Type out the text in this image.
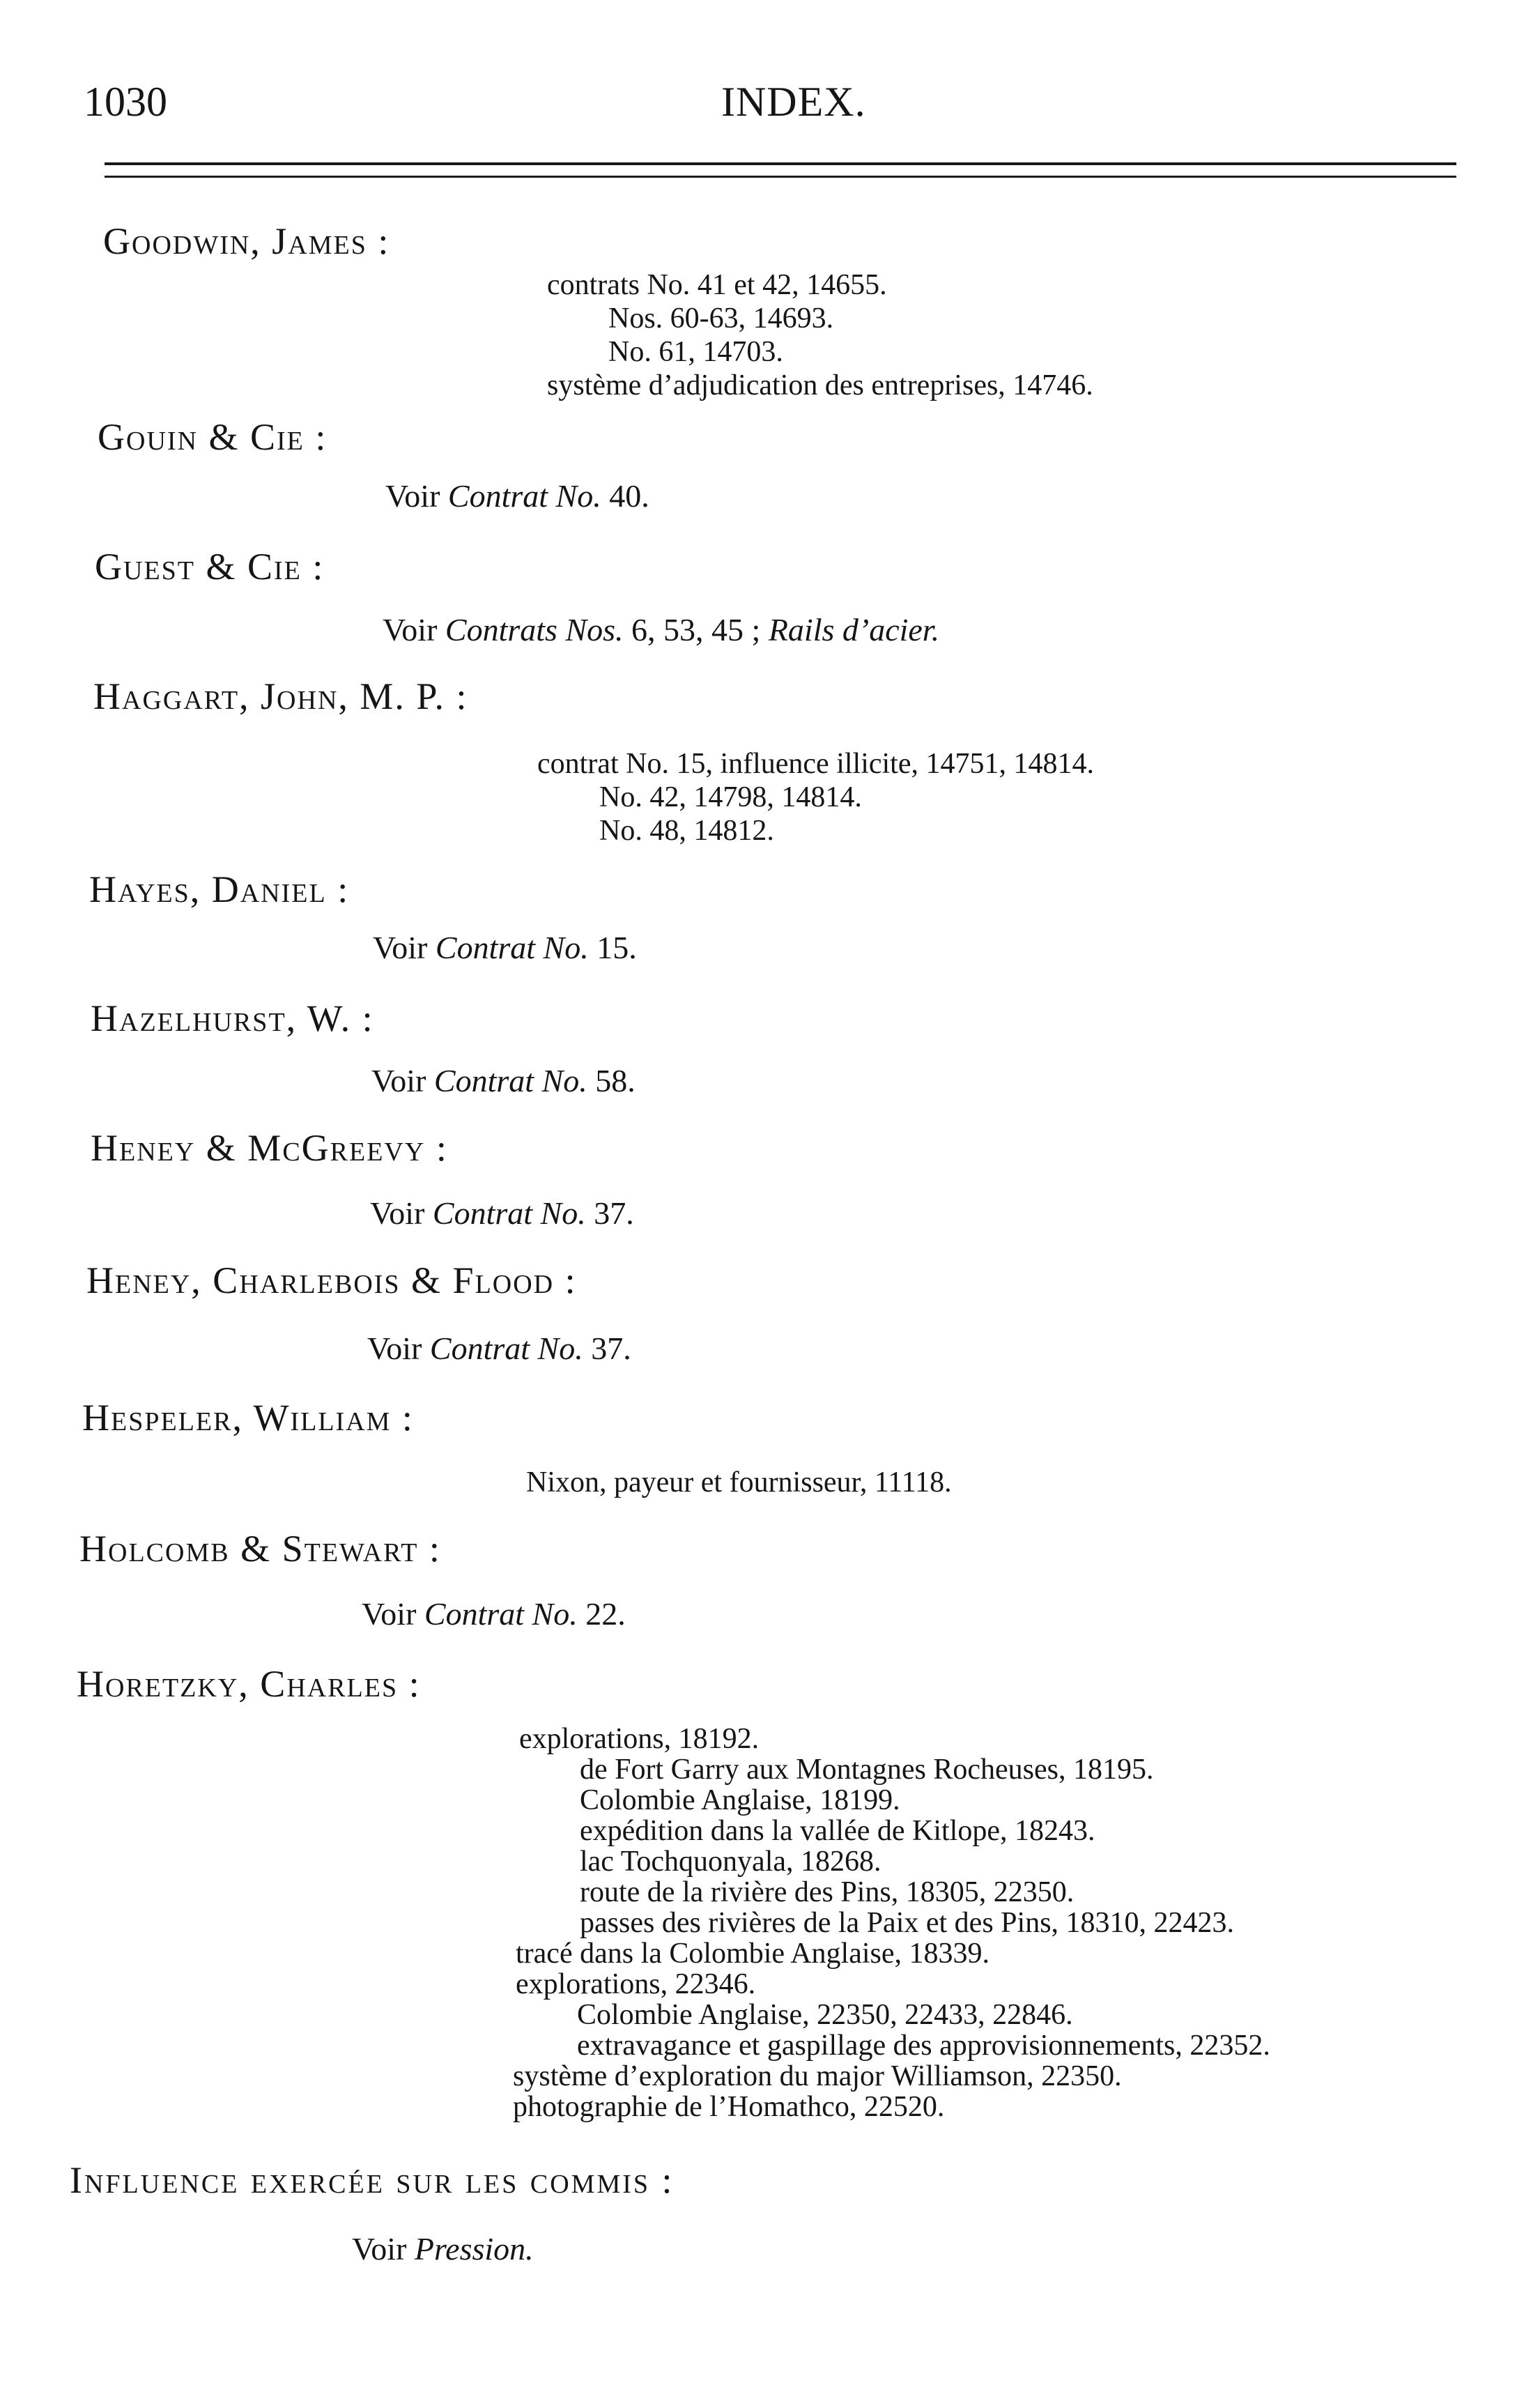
1030	INDEX.
Goodwin, James :
contrats No. 41 et 42, 14655.
Nos. 60-63, 14693.
No. 61, 14703.
système d’adjudication des entreprises, 14746.
Gouin & Cie :
Voir Contrat No. 40.
Guest & Cie :
Voir Contrats Nos. 6, 53, 45 ; Rails d’acier.
Haggart, John, M. P. :
contrat No. 15, influence illicite, 14751, 14814.
No. 42, 14798, 14814.
No. 48, 14812.
Hayes, Daniel :
Voir Contrat No. 15.
Hazelhurst, W. :
Voir Contrat No. 58.
Heney & McGreevy :
Voir Contrat No. 37.
Heney, Charlebois & Flood :
Voir Contrat No. 37.
Hespeler, William :
Nixon, payeur et fournisseur, 11118.
Holcomb & Stewart :
Voir Contrat No. 22.
Horetzky, Charles :
explorations, 18192.
de Fort Garry aux Montagnes Rocheuses, 18195.
Colombie Anglaise, 18199.
expédition dans la vallée de Kitlope, 18243.
lac Tochquonyala, 18268.
route de la rivière des Pins, 18305, 22350.
passes des rivières de la Paix et des Pins, 18310, 22423.
tracé dans la Colombie Anglaise, 18339.
explorations, 22346.
Colombie Anglaise, 22350, 22433, 22846.
extravagance et gaspillage des approvisionnements, 22352.
système d’exploration du major Williamson, 22350.
photographie de l’Homathco, 22520.
Influence exercée sur les commis :
Voir Pression.
